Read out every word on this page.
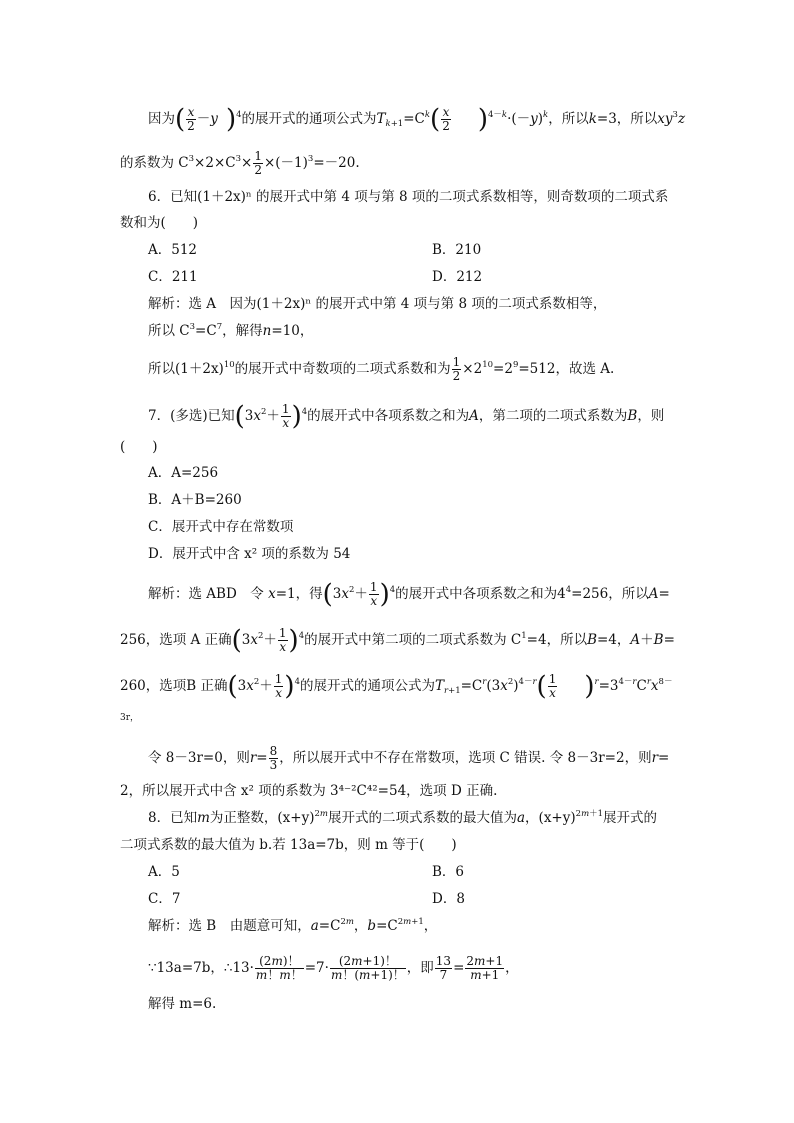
因为( $\frac{x}{2} -y$ )$^4$的展开式的通项公式为$T_{k+1}=C^k( \frac{x}{2} )^{4-k}\cdot(-y)^k$，所以k=3，所以$xy^3z$
的系数为 $C^3\times 2\times C^3\times \frac{1}{2} \times(-1)^3=-20$.
6．已知(1＋2x)ⁿ 的展开式中第 4 项与第 8 项的二项式系数相等，则奇数项的二项式系
数和为(　　)
A．512	B．210
C．211	D．212
解析：选 A　因为(1＋2x)ⁿ 的展开式中第 4 项与第 8 项的二项式系数相等，
所以 $C^3=C^7$，解得n=10，
所以$(1+2x)^{10}$的展开式中奇数项的二项式系数和为 $\frac{1}{2} \times 2^{10}=2^9=512$，故选 A.
7．(多选)已知$(3x^2+ \frac{1}{x} )^4$的展开式中各项系数之和为A，第二项的二项式系数为B，则
(　　)
A．A=256
B．A＋B=260
C．展开式中存在常数项
D．展开式中含 x² 项的系数为 54
解析：选 ABD　令 x=1，得$(3x^2+ \frac{1}{x} )^4$的展开式中各项系数之和为$4^4=256$，所以A=
256，选项 A 正确$(3x^2+ \frac{1}{x} )^4$的展开式中第二项的二项式系数为 $C^1=4$，所以B=4，A＋B=
260，选项B 正确$(3x^2+ \frac{1}{x} )^4$的展开式的通项公式为$T_{r+1}=C^r(3x^2)^{4-r}( \frac{1}{x} )^r=3^{4-r}C^rx^{8-}$
3r，
令 8－3r=0，则$r= \frac{8}{3}$ ，所以展开式中不存在常数项，选项 C 错误. 令 8－3r=2，则r=
2，所以展开式中含 x² 项的系数为 3⁴⁻²C⁴²=54，选项 D 正确.
8．已知m为正整数，$(x+y)^{2m}$展开式的二项式系数的最大值为a，$(x+y)^{2m+1}$展开式的
二项式系数的最大值为 b.若 13a=7b，则 m 等于(　　)
A．5	B．6
C．7	D．8
解析：选 B　由题意可知，$a=C^{2m}$，$b=C^{2m+1}$，
∵13a=7b，∴13· $\frac{(2m)!}{m!m!} =7\cdot \frac{(2m+1)!}{m!(m+1)!}$ ，即 $\frac{13}{7} = \frac{2m+1}{m+1}$ ，
解得 m=6.
